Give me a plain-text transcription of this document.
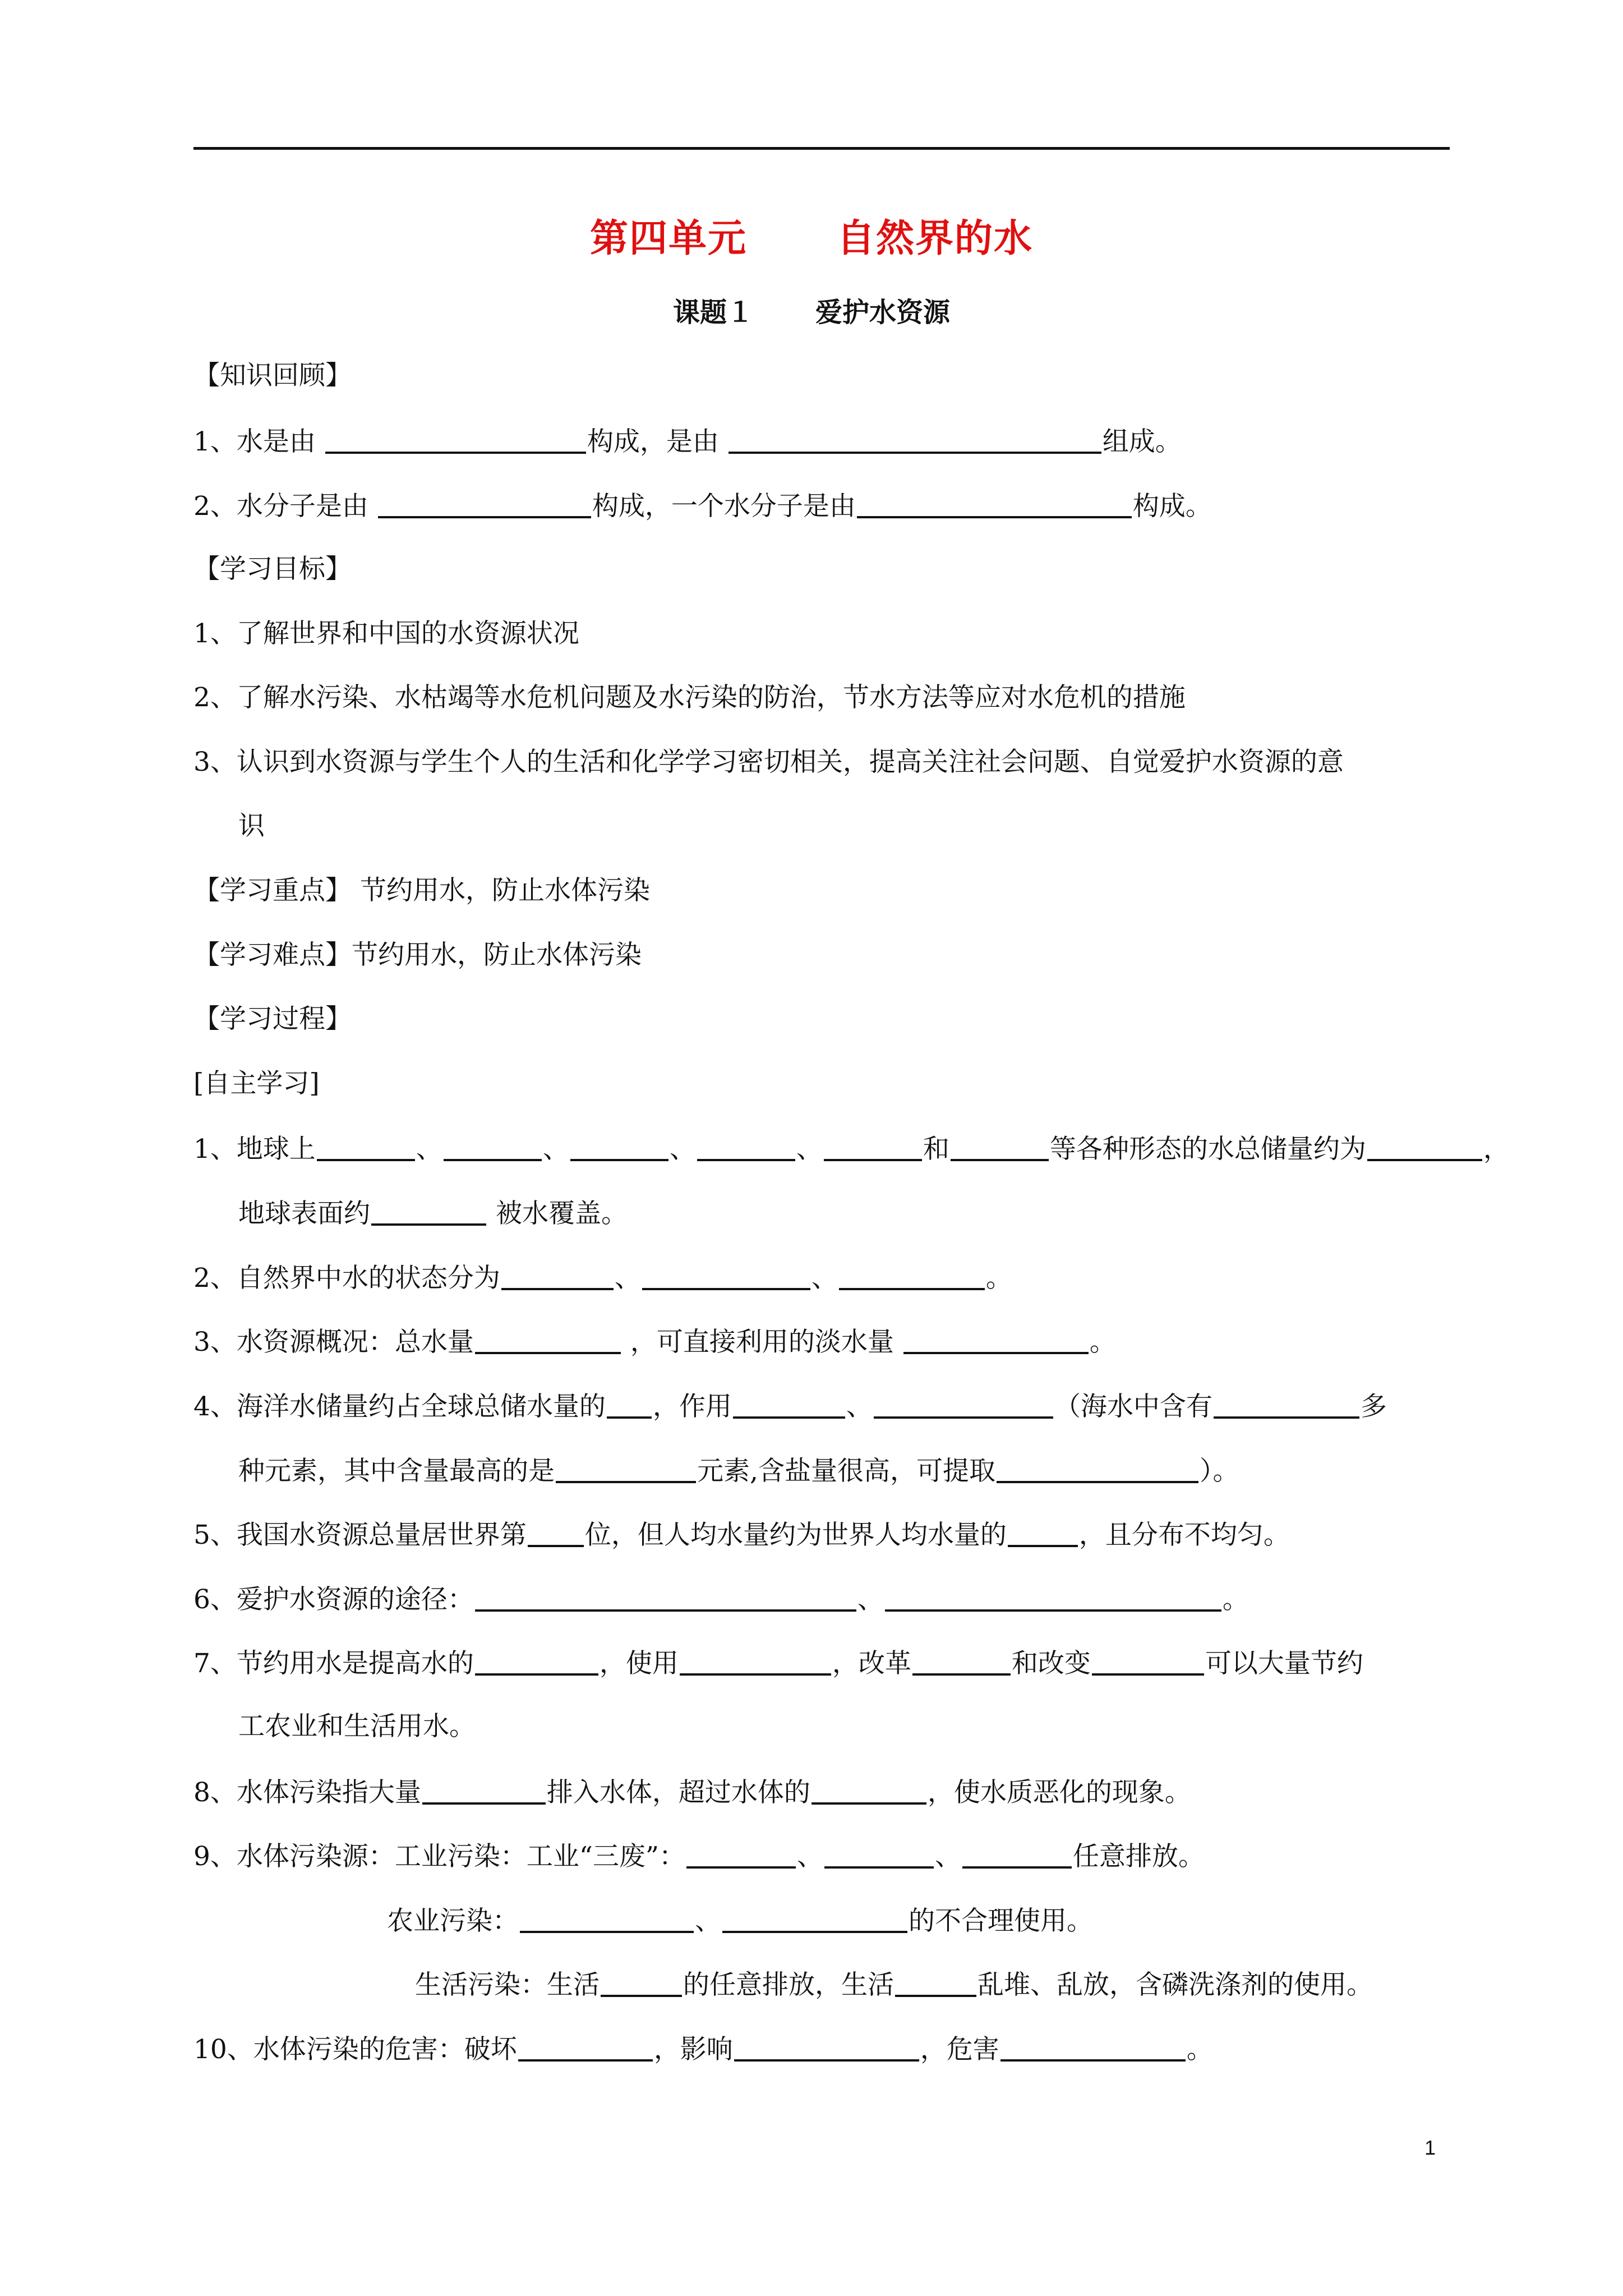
第四单元 自然界的水
课题１ 爱护水资源
【知识回顾】
1、水是由	构成，是由	组成。
2、水分子是由	构成，一个水分子是由	构成。
【学习目标】
1、了解世界和中国的水资源状况
2、了解水污染、水枯竭等水危机问题及水污染的防治，节水方法等应对水危机的措施
3、认识到水资源与学生个人的生活和化学学习密切相关，提高关注社会问题、自觉爱护水资源的意
识
【学习重点】 节约用水，防止水体污染
【学习难点】节约用水，防止水体污染
【学习过程】
[自主学习]
1、地球上	、	、	、	、	和	等各种形态的水总储量约为	，
地球表面约	被水覆盖。
2、自然界中水的状态分为	、	、	。
3、水资源概况：总水量	，可直接利用的淡水量	。
4、海洋水储量约占全球总储水量的 ，作用	、	（海水中含有	多
种元素，其中含量最高的是	元素,含盐量很高，可提取	）。
5、我国水资源总量居世界第 位，但人均水量约为世界人均水量的	，且分布不均匀。
6、爱护水资源的途径：	、	。
7、节约用水是提高水的	，使用	，改革	和改变	可以大量节约
工农业和生活用水。
8、水体污染指大量	排入水体，超过水体的	，使水质恶化的现象。
9、水体污染源：工业污染：工业“三废”：	、	、	任意排放。
农业污染：	、	的不合理使用。
生活污染：生活	的任意排放，生活	乱堆、乱放，含磷洗涤剂的使用。
10、水体污染的危害：破坏	，影响	，危害	。
1
